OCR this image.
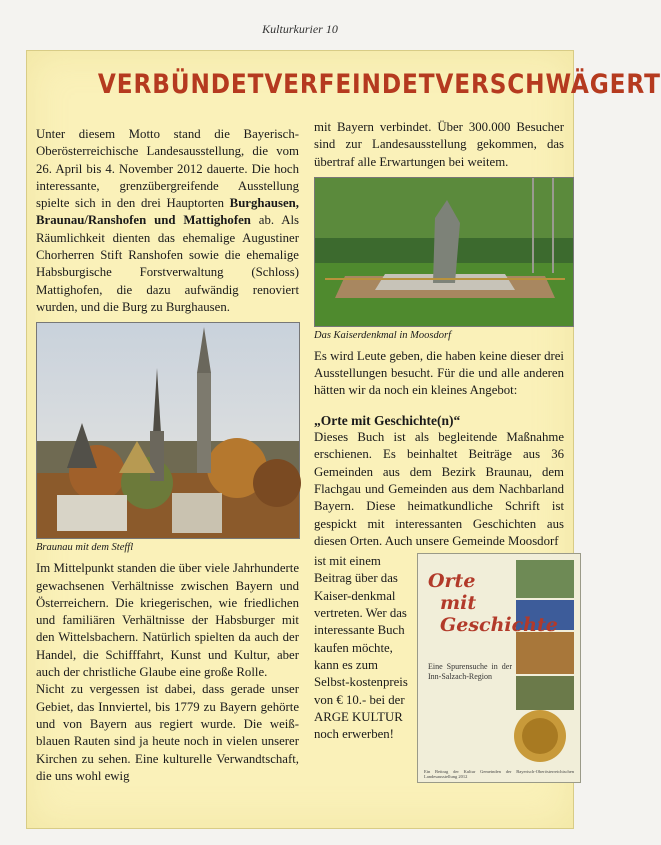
Kulturkurier 10
VERBÜNDET VERFEINDET VERSCHWÄGERT

Unter diesem Motto stand die Bayerisch-Oberösterreichische Landesausstellung, die vom 26. April bis 4. November 2012 dauerte. Die hoch interessante, grenzübergreifende Ausstellung spielte sich in den drei Hauptorten Burghausen, Braunau/Ranshofen und Mattighofen ab. Als Räumlichkeit dienten das ehemalige Augustiner Chorherren Stift Ranshofen sowie die ehemalige Habsburgische Forstverwaltung (Schloss) Mattighofen, die dazu aufwändig renoviert wurden, und die Burg zu Burghausen.

Braunau mit dem Steffl

Im Mittelpunkt standen die über viele Jahrhunderte gewachsenen Verhältnisse zwischen Bayern und Österreichern. Die kriegerischen, wie friedlichen und familiären Verhältnisse der Habsburger mit den Wittelsbachern. Natürlich spielten da auch der Handel, die Schifffahrt, Kunst und Kultur, aber auch der christliche Glaube eine große Rolle.

Nicht zu vergessen ist dabei, dass gerade unser Gebiet, das Innviertel, bis 1779 zu Bayern gehörte und von Bayern aus regiert wurde. Die weiß-blauen Rauten sind ja heute noch in vielen unserer Kirchen zu sehen. Eine kulturelle Verwandtschaft, die uns wohl ewig

mit Bayern verbindet. Über 300.000 Besucher sind zur Landesausstellung gekommen, das übertraf alle Erwartungen bei weitem.

Das Kaiserdenkmal in Moosdorf

Es wird Leute geben, die haben keine dieser drei Ausstellungen besucht. Für die und alle anderen hätten wir da noch ein kleines Angebot:

„Orte mit Geschichte(n)“

Dieses Buch ist als begleitende Maßnahme erschienen. Es beinhaltet Beiträge aus 36 Gemeinden aus dem Bezirk Braunau, dem Flachgau und Gemeinden aus dem Nachbarland Bayern. Diese heimatkundliche Schrift ist gespickt mit interessanten Geschichten aus diesen Orten. Auch unsere Gemeinde Moosdorf

ist mit einem Beitrag über das Kaiser-denkmal vertreten. Wer das interessante Buch kaufen möchte, kann es zum Selbst-kostenpreis von € 10.- bei der ARGE KULTUR noch erwerben!

Orte
mit Geschichte
Eine Spurensuche in der Inn-Salzach-Region
Ein Beitrag der Kultur Gemeinden der Bayerisch-Oberösterreichischen Landesausstellung 2012
